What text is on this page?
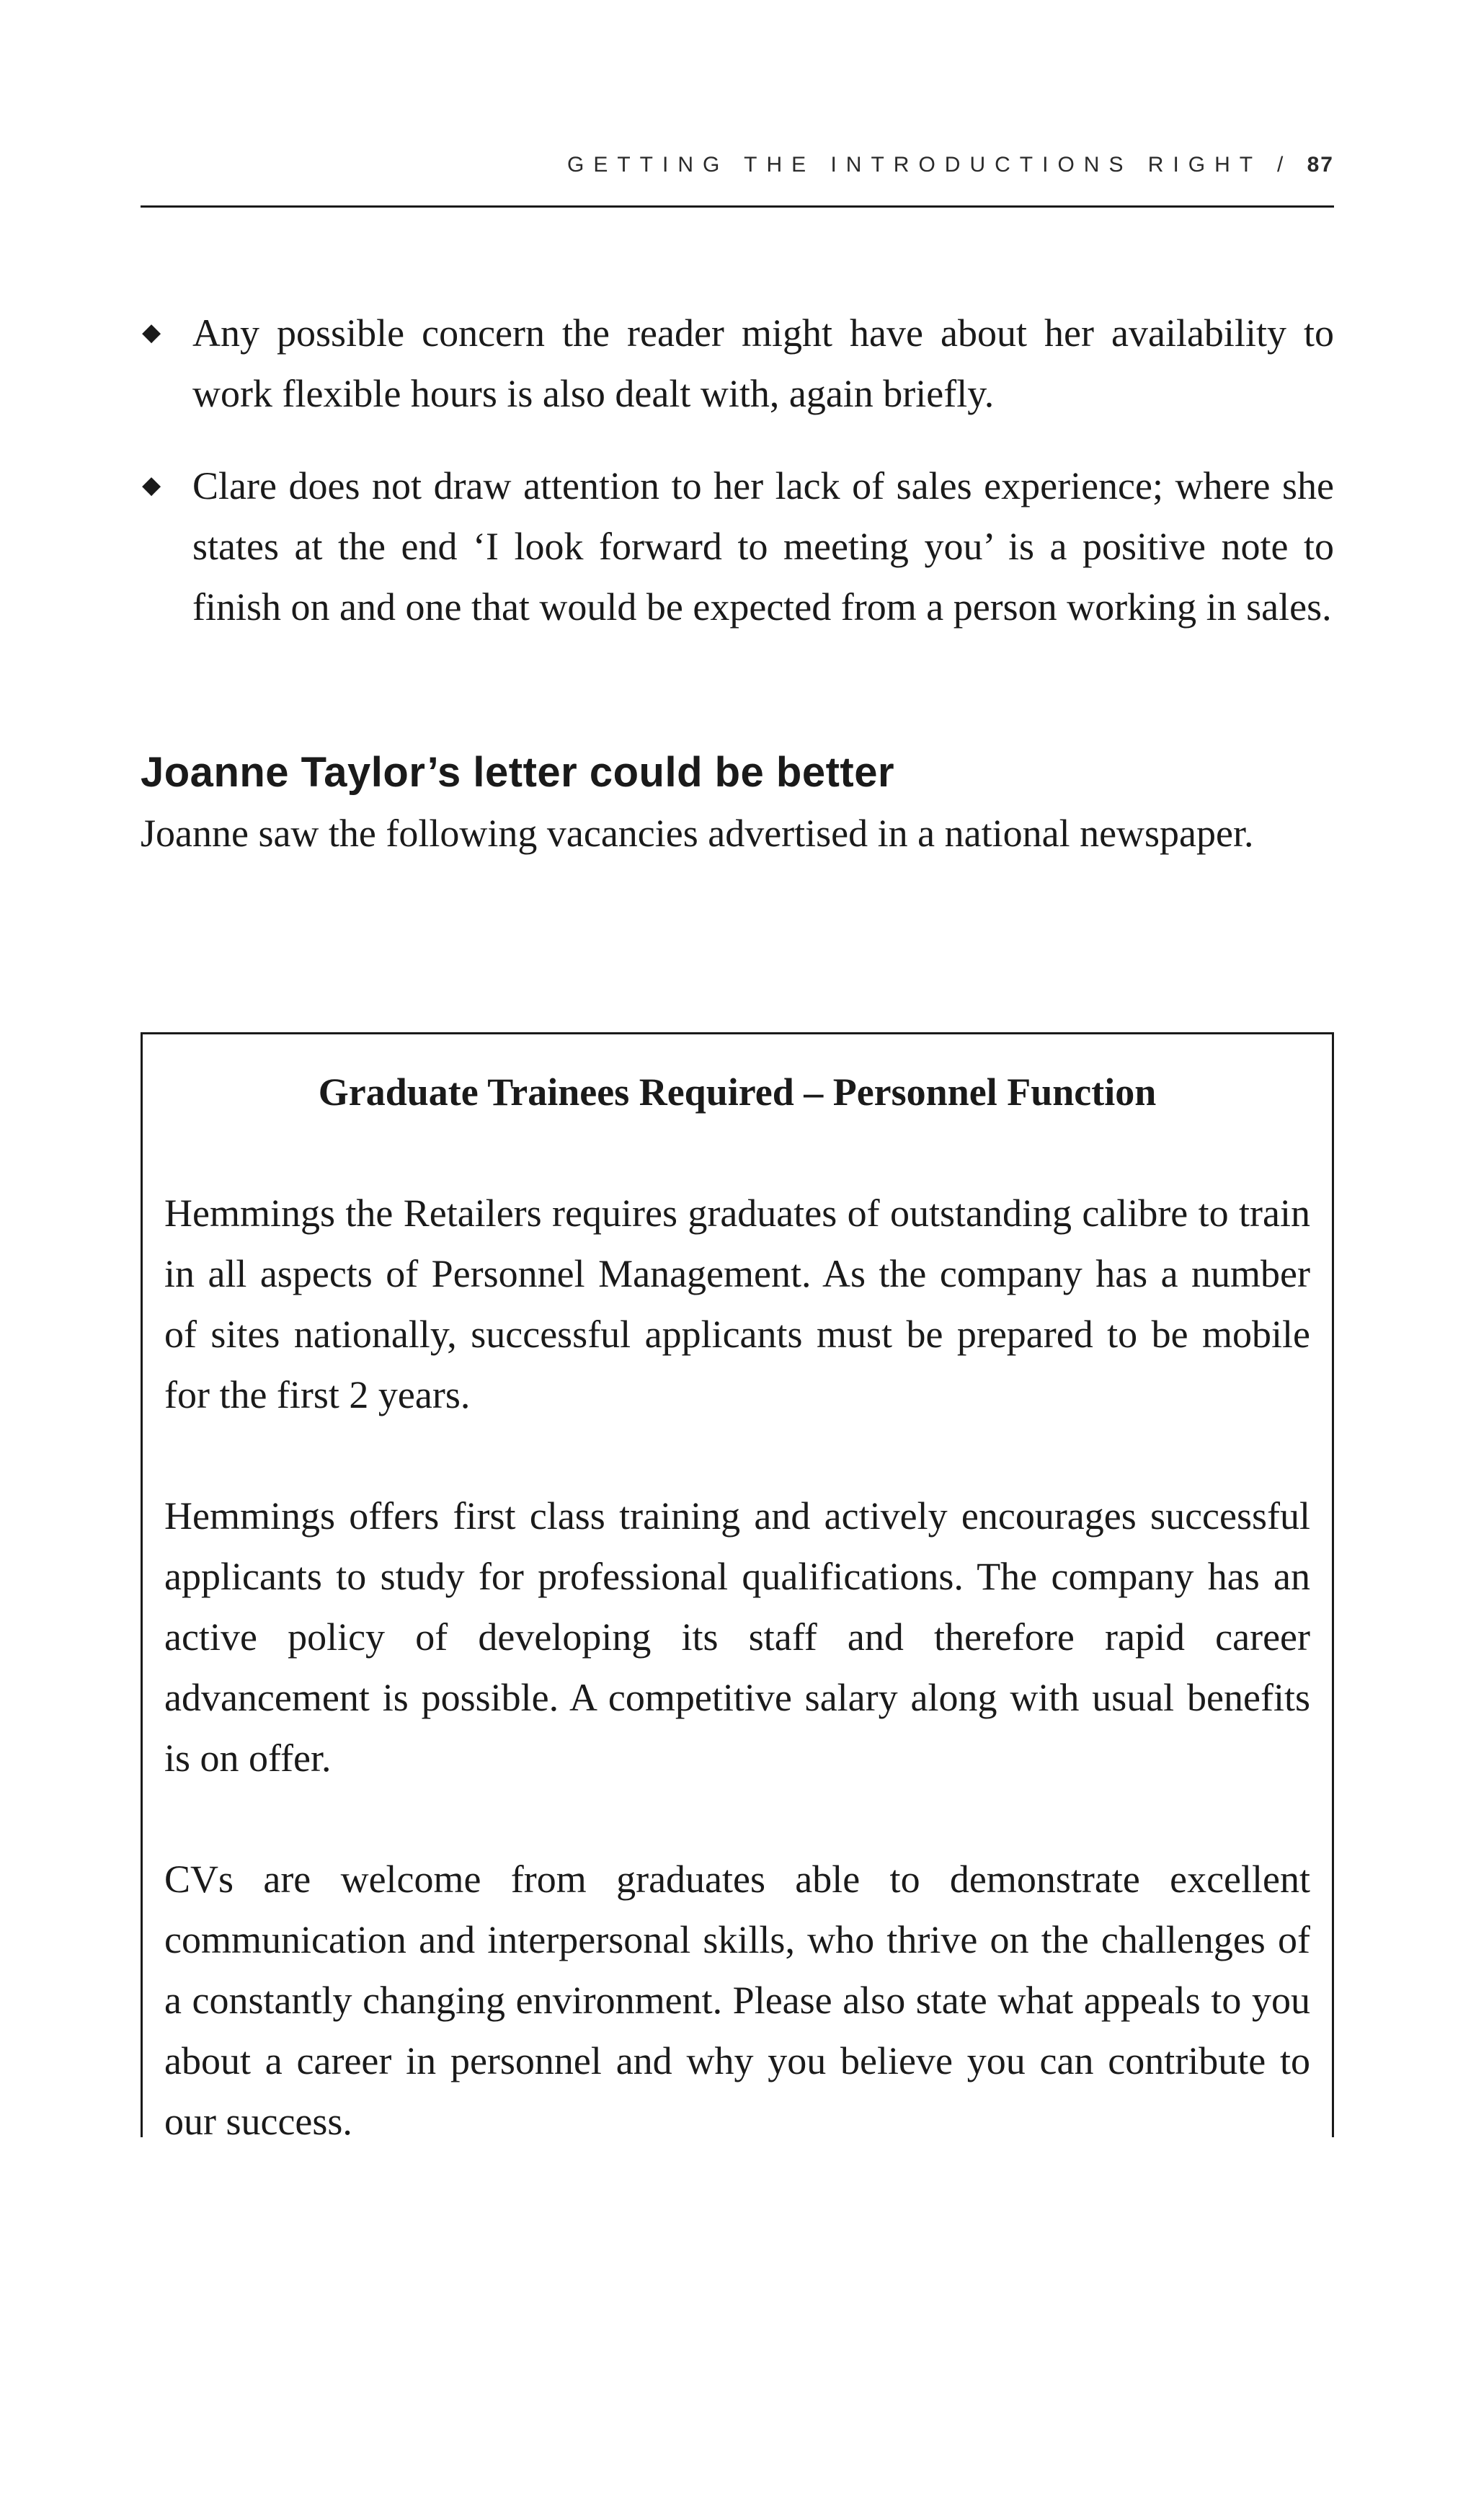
GETTING THE INTRODUCTIONS RIGHT / 87
◆ Any possible concern the reader might have about her availability to work flexible hours is also dealt with, again briefly.
◆ Clare does not draw attention to her lack of sales experience; where she states at the end ‘I look forward to meeting you’ is a positive note to finish on and one that would be expected from a person working in sales.
Joanne Taylor’s letter could be better

Joanne saw the following vacancies advertised in a national newspaper.

Graduate Trainees Required – Personnel Function

Hemmings the Retailers requires graduates of outstanding calibre to train in all aspects of Personnel Management. As the company has a number of sites nationally, successful applicants must be prepared to be mobile for the first 2 years.

Hemmings offers first class training and actively encourages successful applicants to study for professional qualifications. The company has an active policy of developing its staff and therefore rapid career advancement is possible. A competitive salary along with usual benefits is on offer.

CVs are welcome from graduates able to demonstrate excellent communication and interpersonal skills, who thrive on the challenges of a constantly changing environment. Please also state what appeals to you about a career in personnel and why you believe you can contribute to our success.
